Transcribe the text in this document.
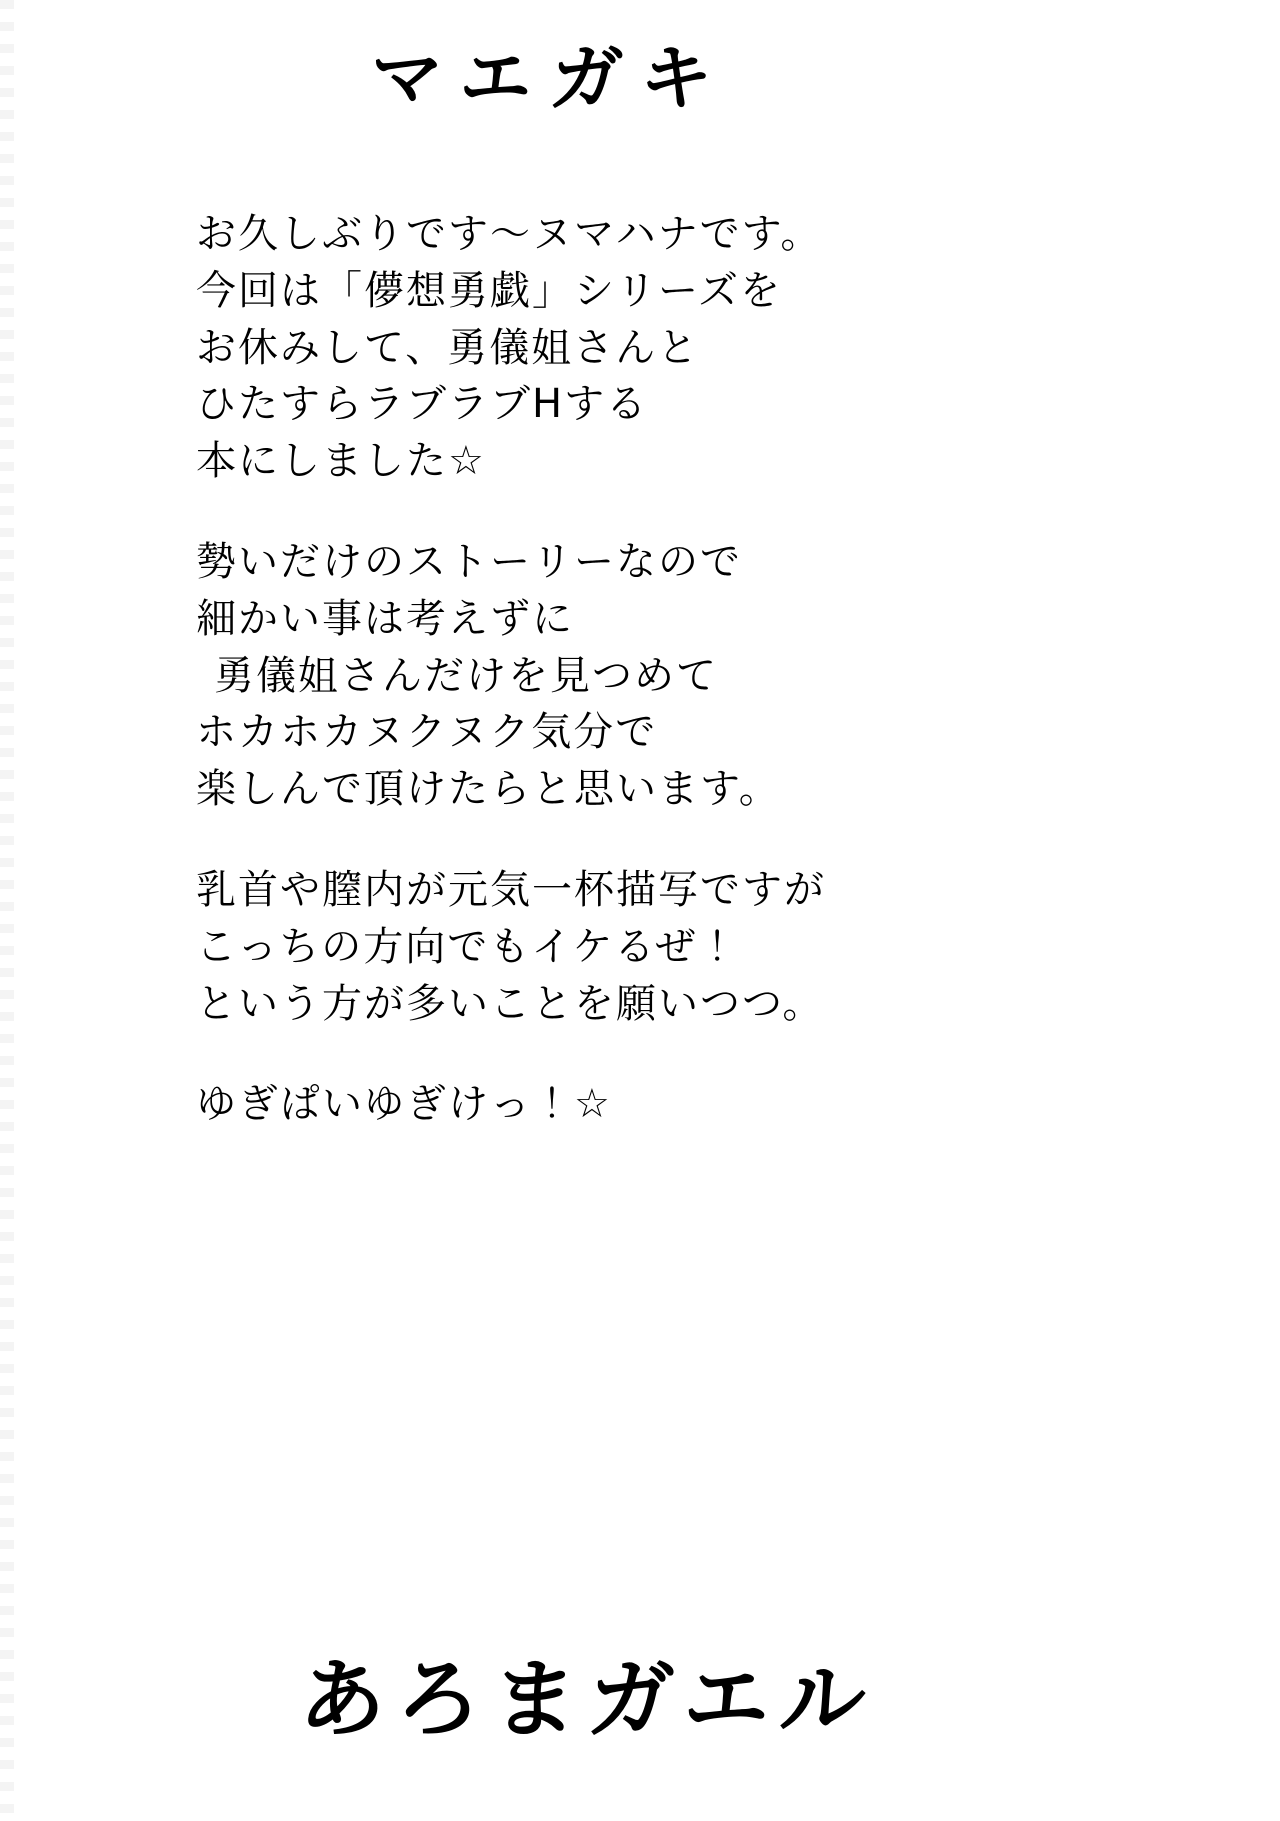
マエガキ
お久しぶりです～ヌマハナです。
今回は「儚想勇戯」シリーズを
お休みして、勇儀姐さんと
ひたすらラブラブHする
本にしました☆
勢いだけのストーリーなので
細かい事は考えずに
勇儀姐さんだけを見つめて
ホカホカヌクヌク気分で
楽しんで頂けたらと思います。
乳首や膣内が元気一杯描写ですが
こっちの方向でもイケるぜ！
という方が多いことを願いつつ。
ゆぎぱいゆぎけっ！☆
あろまガエル
